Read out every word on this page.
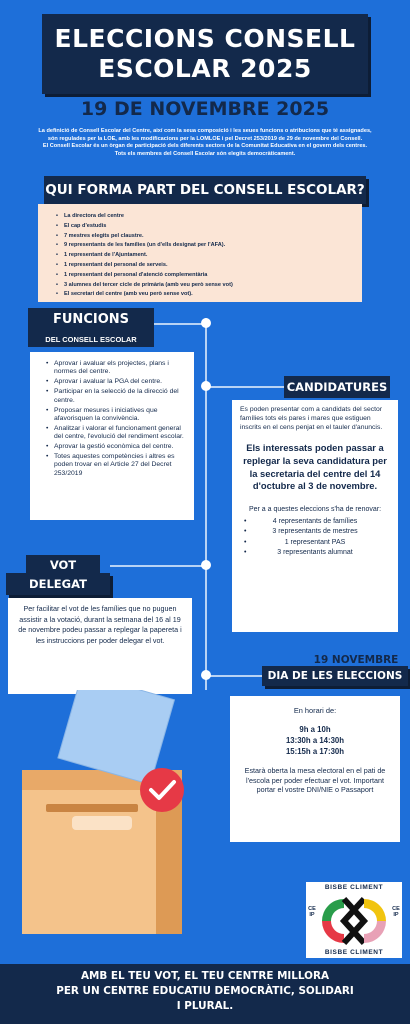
ELECCIONS CONSELL
ESCOLAR 2025
19 DE NOVEMBRE 2025
La definició de Consell Escolar del Centre, així com la seua composició i les seues funcions o atribucions que té assignades,
són regulades per la LOE, amb les modificacions per la LOMLOE i pel Decret 253/2019 de 29 de novembre del Consell.
El Consell Escolar és un òrgan de participació dels diferents sectors de la Comunitat Educativa en el govern dels centres.
Tots els membres del Consell Escolar són elegits democràticament.
QUI FORMA PART DEL CONSELL ESCOLAR?
• La directora del centre
• El cap d'estudis
• 7 mestres elegits pel claustre.
• 9 representants de les famílies (un d'ells designat per l'AFA).
• 1 representant de l'Ajuntament.
• 1 representant del personal de serveis.
• 1 representant del personal d'atenció complementària
• 3 alumnes del tercer cicle de primària (amb veu però sense vot)
• El secretari del centre (amb veu però sense vot).
FUNCIONS
DEL CONSELL ESCOLAR
• Aprovar i avaluar els projectes, plans i normes del centre.
• Aprovar i avaluar la PGA del centre.
• Participar en la selecció de la direcció del centre.
• Proposar mesures i iniciatives que afavorisquen la convivència.
• Analitzar i valorar el funcionament general del centre, l'evolució del rendiment escolar.
• Aprovar la gestió econòmica del centre.
• Totes aquestes competències i altres es poden trovar en el Article 27 del Decret 253/2019
CANDIDATURES
Es poden presentar com a candidats del sector famílies tots els pares i mares que estiguen inscrits en el cens penjat en el tauler d'anuncis.
Els interessats poden passar a replegar la seva candidatura per la secretaria del centre del 14 d'octubre al 3 de novembre.
Per a a questes eleccions s'ha de renovar:
• 4 representants de famílies
• 3 representants de mestres
• 1 representant PAS
• 3 representants alumnat
VOT
DELEGAT
Per facilitar el vot de les famílies que no puguen assistir a la votació, durant la setmana del 16 al 19 de novembre podeu passar a replegar la papereta i les instruccions per poder delegar el vot.
19 NOVEMBRE
DIA DE LES ELECCIONS
En horari de:
9h a 10h
13:30h a 14:30h
15:15h a 17:30h
Estarà oberta la mesa electoral en el pati de l'escola per poder efectuar el vot. Important portar el vostre DNI/NIE o Passaport
BISBE CLIMENT
BISBE CLIMENT
CEIP
CEIP
AMB EL TEU VOT, EL TEU CENTRE MILLORA
PER UN CENTRE EDUCATIU DEMOCRÀTIC, SOLIDARI
I PLURAL.
